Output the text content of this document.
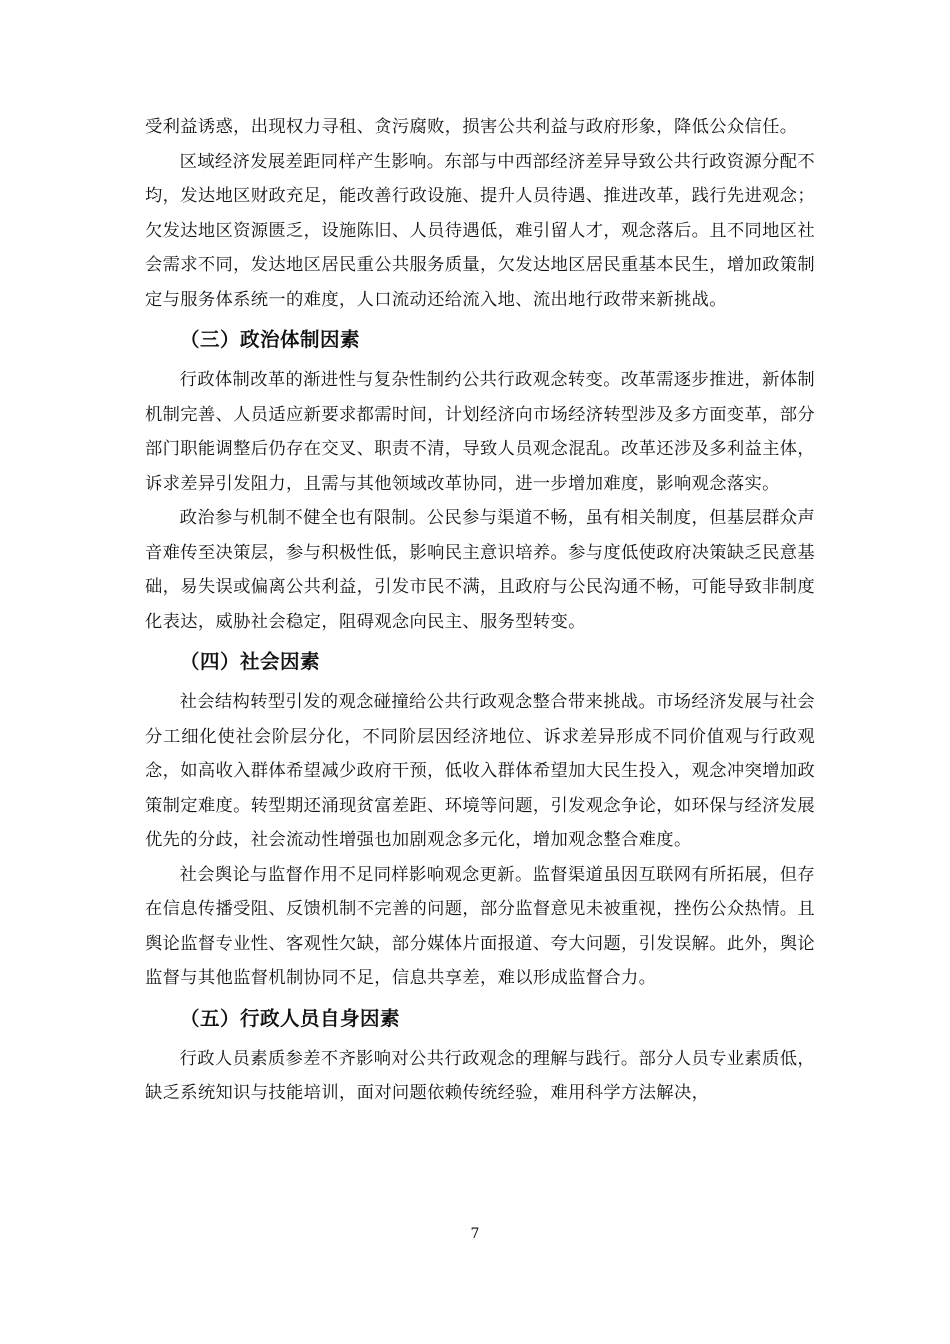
受利益诱惑，出现权力寻租、贪污腐败，损害公共利益与政府形象，降低公众信任。

区域经济发展差距同样产生影响。东部与中西部经济差异导致公共行政资源分配不均，发达地区财政充足，能改善行政设施、提升人员待遇、推进改革，践行先进观念；欠发达地区资源匮乏，设施陈旧、人员待遇低，难引留人才，观念落后。且不同地区社会需求不同，发达地区居民重公共服务质量，欠发达地区居民重基本民生，增加政策制定与服务体系统一的难度，人口流动还给流入地、流出地行政带来新挑战。

（三）政治体制因素

行政体制改革的渐进性与复杂性制约公共行政观念转变。改革需逐步推进，新体制机制完善、人员适应新要求都需时间，计划经济向市场经济转型涉及多方面变革，部分部门职能调整后仍存在交叉、职责不清，导致人员观念混乱。改革还涉及多利益主体，诉求差异引发阻力，且需与其他领域改革协同，进一步增加难度，影响观念落实。

政治参与机制不健全也有限制。公民参与渠道不畅，虽有相关制度，但基层群众声音难传至决策层，参与积极性低，影响民主意识培养。参与度低使政府决策缺乏民意基础，易失误或偏离公共利益，引发市民不满，且政府与公民沟通不畅，可能导致非制度化表达，威胁社会稳定，阻碍观念向民主、服务型转变。

（四）社会因素

社会结构转型引发的观念碰撞给公共行政观念整合带来挑战。市场经济发展与社会分工细化使社会阶层分化，不同阶层因经济地位、诉求差异形成不同价值观与行政观念，如高收入群体希望减少政府干预，低收入群体希望加大民生投入，观念冲突增加政策制定难度。转型期还涌现贫富差距、环境等问题，引发观念争论，如环保与经济发展优先的分歧，社会流动性增强也加剧观念多元化，增加观念整合难度。

社会舆论与监督作用不足同样影响观念更新。监督渠道虽因互联网有所拓展，但存在信息传播受阻、反馈机制不完善的问题，部分监督意见未被重视，挫伤公众热情。且舆论监督专业性、客观性欠缺，部分媒体片面报道、夸大问题，引发误解。此外，舆论监督与其他监督机制协同不足，信息共享差，难以形成监督合力。

（五）行政人员自身因素

行政人员素质参差不齐影响对公共行政观念的理解与践行。部分人员专业素质低，缺乏系统知识与技能培训，面对问题依赖传统经验，难用科学方法解决，

7
